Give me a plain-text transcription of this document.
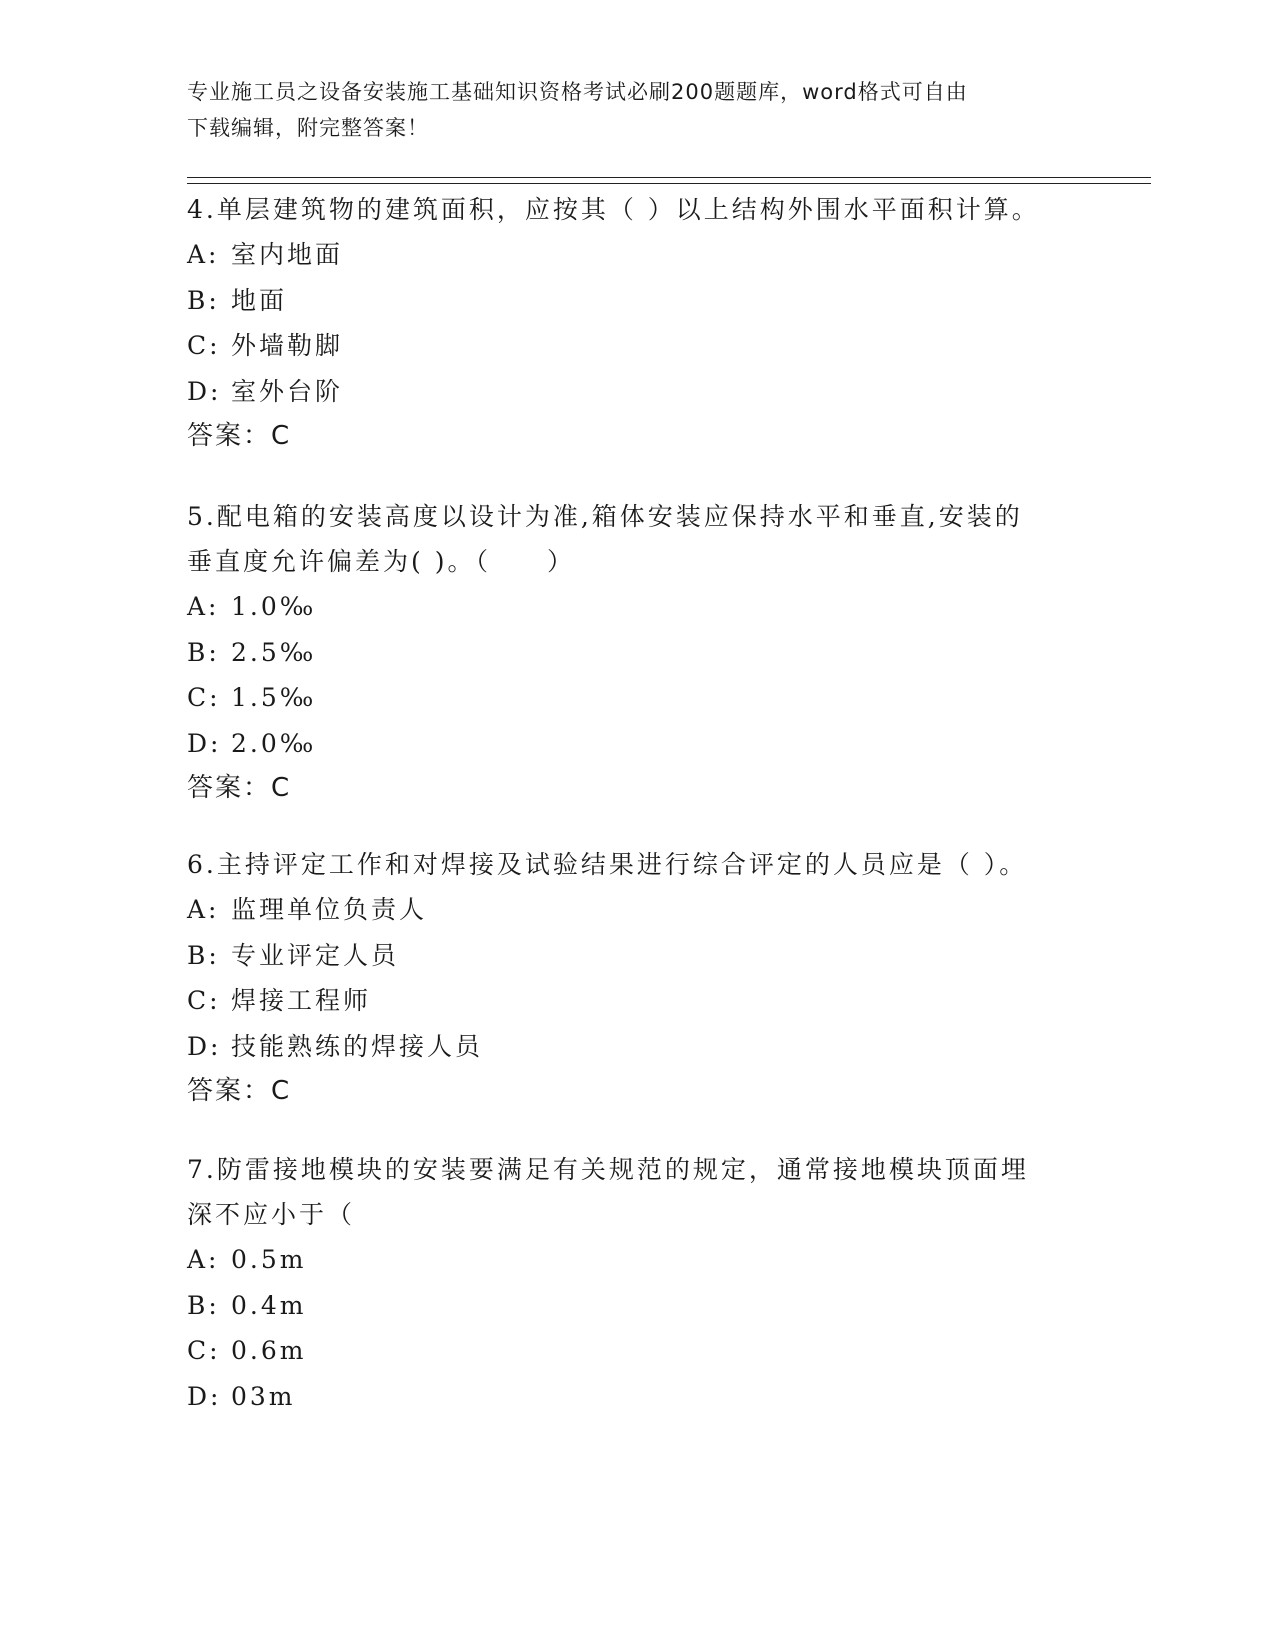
专业施工员之设备安装施工基础知识资格考试必刷200题题库，word格式可自由
下载编辑，附完整答案！
4.单层建筑物的建筑面积，应按其（ ）以上结构外围水平面积计算。
A: 室内地面
B: 地面
C: 外墙勒脚
D: 室外台阶
答案：C
5.配电箱的安装高度以设计为准,箱体安装应保持水平和垂直,安装的
垂直度允许偏差为( )。（　　）
A: 1.0‰
B: 2.5‰
C: 1.5‰
D: 2.0‰
答案：C
6.主持评定工作和对焊接及试验结果进行综合评定的人员应是（ ）。
A: 监理单位负责人
B: 专业评定人员
C: 焊接工程师
D: 技能熟练的焊接人员
答案：C
7.防雷接地模块的安装要满足有关规范的规定，通常接地模块顶面埋
深不应小于（
A: 0.5m
B: 0.4m
C: 0.6m
D: 03m
